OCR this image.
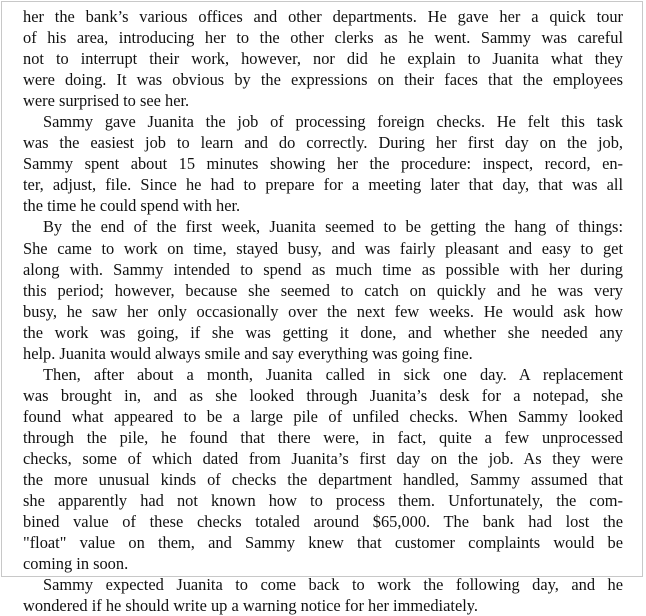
her the bank’s various offices and other departments. He gave her a quick tour
of his area, introducing her to the other clerks as he went. Sammy was careful
not to interrupt their work, however, nor did he explain to Juanita what they
were doing. It was obvious by the expressions on their faces that the employees
were surprised to see her.
Sammy gave Juanita the job of processing foreign checks. He felt this task
was the easiest job to learn and do correctly. During her first day on the job,
Sammy spent about 15 minutes showing her the procedure: inspect, record, en-
ter, adjust, file. Since he had to prepare for a meeting later that day, that was all
the time he could spend with her.
By the end of the first week, Juanita seemed to be getting the hang of things:
She came to work on time, stayed busy, and was fairly pleasant and easy to get
along with. Sammy intended to spend as much time as possible with her during
this period; however, because she seemed to catch on quickly and he was very
busy, he saw her only occasionally over the next few weeks. He would ask how
the work was going, if she was getting it done, and whether she needed any
help. Juanita would always smile and say everything was going fine.
Then, after about a month, Juanita called in sick one day. A replacement
was brought in, and as she looked through Juanita’s desk for a notepad, she
found what appeared to be a large pile of unfiled checks. When Sammy looked
through the pile, he found that there were, in fact, quite a few unprocessed
checks, some of which dated from Juanita’s first day on the job. As they were
the more unusual kinds of checks the department handled, Sammy assumed that
she apparently had not known how to process them. Unfortunately, the com-
bined value of these checks totaled around $65,000. The bank had lost the
"float" value on them, and Sammy knew that customer complaints would be
coming in soon.
Sammy expected Juanita to come back to work the following day, and he
wondered if he should write up a warning notice for her immediately.
